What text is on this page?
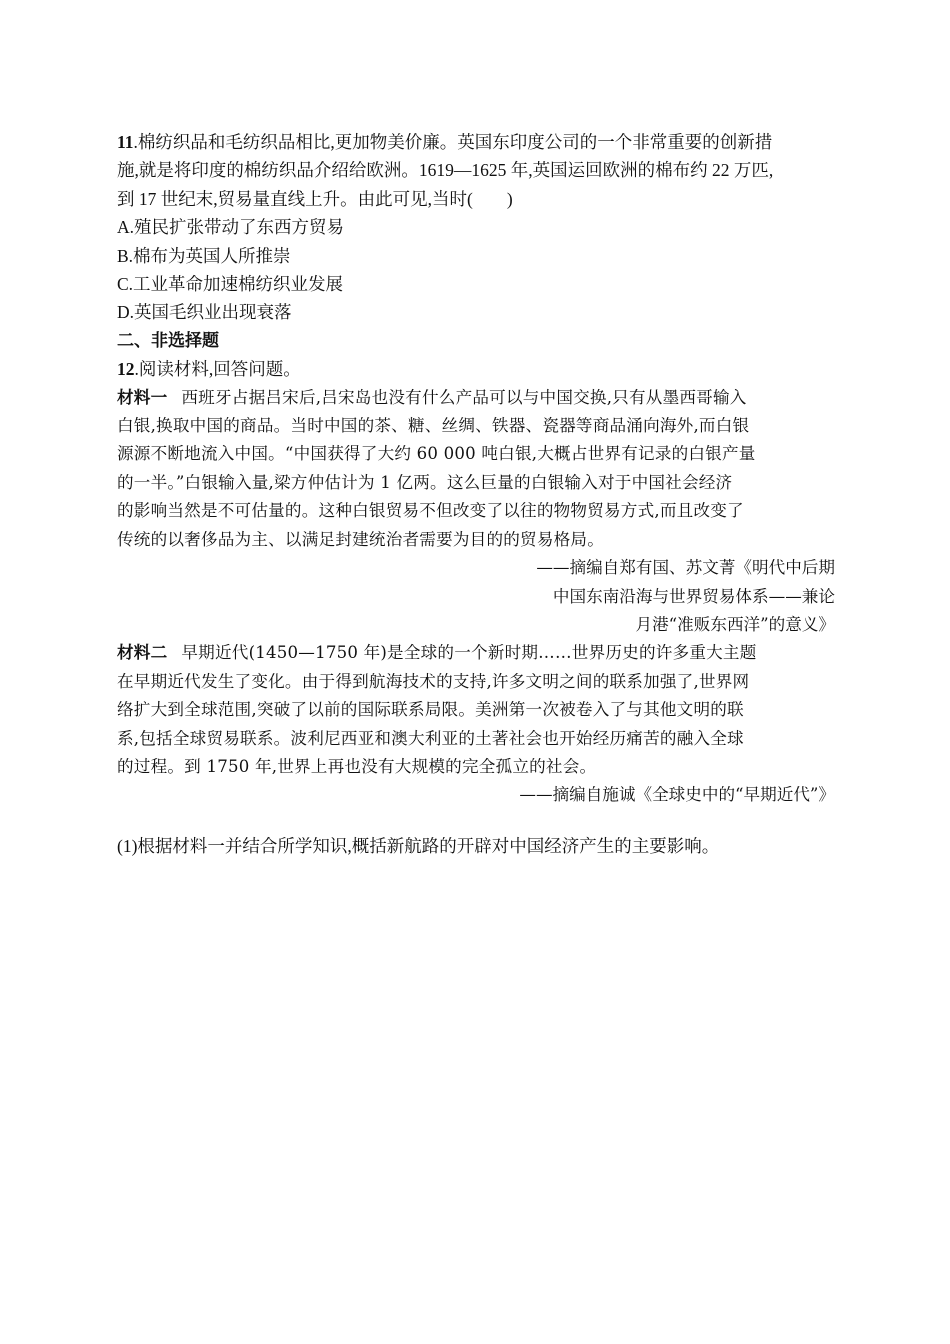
11.棉纺织品和毛纺织品相比,更加物美价廉。英国东印度公司的一个非常重要的创新措
施,就是将印度的棉纺织品介绍给欧洲。1619—1625 年,英国运回欧洲的棉布约 22 万匹,
到 17 世纪末,贸易量直线上升。由此可见,当时( )
A.殖民扩张带动了东西方贸易
B.棉布为英国人所推崇
C.工业革命加速棉纺织业发展
D.英国毛织业出现衰落
二、非选择题
12.阅读材料,回答问题。
材料一 西班牙占据吕宋后,吕宋岛也没有什么产品可以与中国交换,只有从墨西哥输入
白银,换取中国的商品。当时中国的茶、糖、丝绸、铁器、瓷器等商品涌向海外,而白银
源源不断地流入中国。“中国获得了大约 60 000 吨白银,大概占世界有记录的白银产量
的一半。”白银输入量,梁方仲估计为 1 亿两。这么巨量的白银输入对于中国社会经济
的影响当然是不可估量的。这种白银贸易不但改变了以往的物物贸易方式,而且改变了
传统的以奢侈品为主、以满足封建统治者需要为目的的贸易格局。
——摘编自郑有国、苏文菁《明代中后期
中国东南沿海与世界贸易体系——兼论
月港“准贩东西洋”的意义》
材料二 早期近代(1450—1750 年)是全球的一个新时期……世界历史的许多重大主题
在早期近代发生了变化。由于得到航海技术的支持,许多文明之间的联系加强了,世界网
络扩大到全球范围,突破了以前的国际联系局限。美洲第一次被卷入了与其他文明的联
系,包括全球贸易联系。波利尼西亚和澳大利亚的土著社会也开始经历痛苦的融入全球
的过程。到 1750 年,世界上再也没有大规模的完全孤立的社会。
——摘编自施诚《全球史中的“早期近代”》
(1)根据材料一并结合所学知识,概括新航路的开辟对中国经济产生的主要影响。
